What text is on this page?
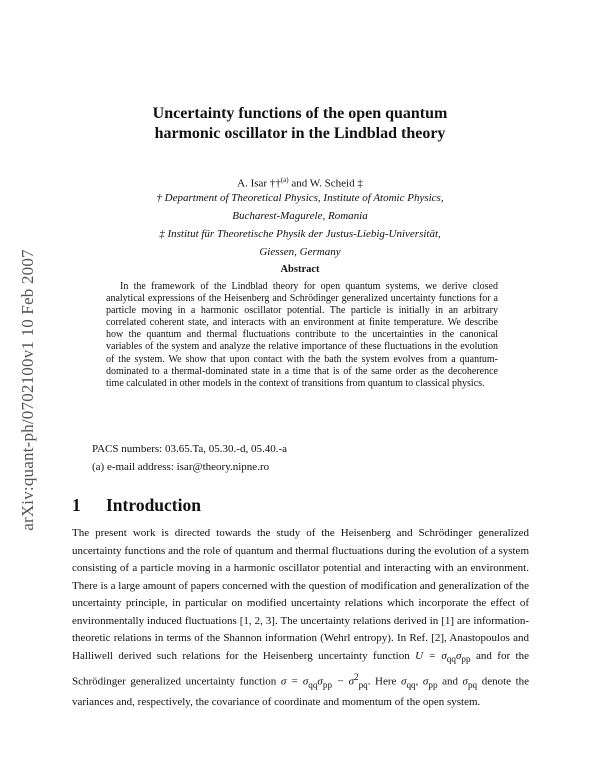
arXiv:quant-ph/0702100v1 10 Feb 2007
Uncertainty functions of the open quantum
harmonic oscillator in the Lindblad theory
A. Isar ††$^{(a)}$ and W. Scheid ‡
† Department of Theoretical Physics, Institute of Atomic Physics,
Bucharest-Magurele, Romania
‡ Institut für Theoretische Physik der Justus-Liebig-Universität,
Giessen, Germany
Abstract
In the framework of the Lindblad theory for open quantum systems, we derive closed analytical expressions of the Heisenberg and Schrödinger generalized uncertainty functions for a particle moving in a harmonic oscillator potential. The particle is initially in an arbitrary correlated coherent state, and interacts with an environment at finite temperature. We describe how the quantum and thermal fluctuations contribute to the uncertainties in the canonical variables of the system and analyze the relative importance of these fluctuations in the evolution of the system. We show that upon contact with the bath the system evolves from a quantum-dominated to a thermal-dominated state in a time that is of the same order as the decoherence time calculated in other models in the context of transitions from quantum to classical physics.
PACS numbers: 03.65.Ta, 05.30.-d, 05.40.-a
(a) e-mail address: isar@theory.nipne.ro
1 Introduction
The present work is directed towards the study of the Heisenberg and Schrödinger generalized uncertainty functions and the role of quantum and thermal fluctuations during the evolution of a system consisting of a particle moving in a harmonic oscillator potential and interacting with an environment. There is a large amount of papers concerned with the question of modification and generalization of the uncertainty principle, in particular on modified uncertainty relations which incorporate the effect of environmentally induced fluctuations [1, 2, 3]. The uncertainty relations derived in [1] are information-theoretic relations in terms of the Shannon information (Wehrl entropy). In Ref. [2], Anastopoulos and Halliwell derived such relations for the Heisenberg uncertainty function $U = \sigma_{qq}\sigma_{pp}$ and for the Schrödinger generalized uncertainty function $\sigma = \sigma_{qq}\sigma_{pp} - \sigma^2_{pq}$. Here $\sigma_{qq}$, $\sigma_{pp}$ and $\sigma_{pq}$ denote the variances and, respectively, the covariance of coordinate and momentum of the open system.
